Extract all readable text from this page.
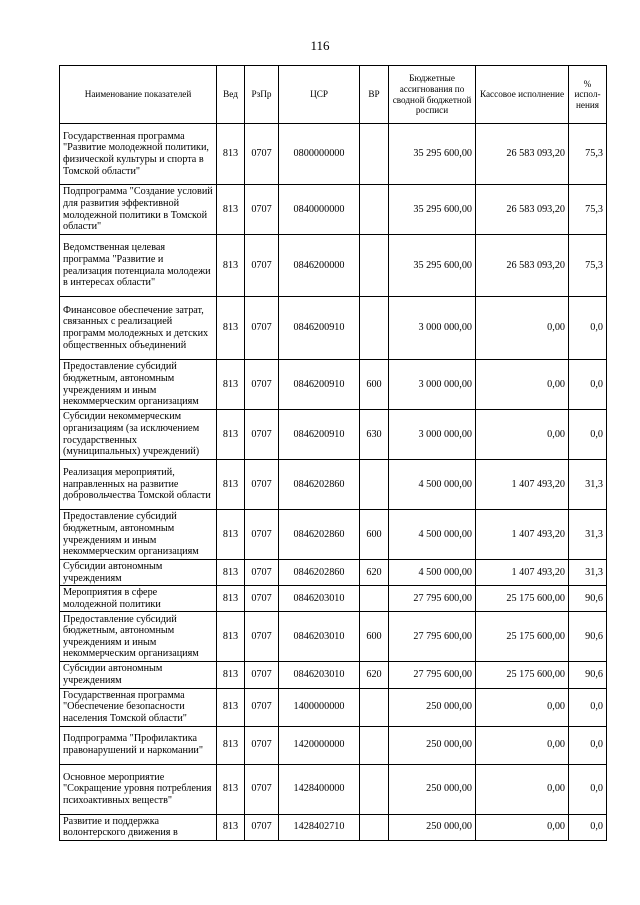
116
Наименование показателей	Вед	РзПр	ЦСР	ВР	Бюджетные ассигнования по сводной бюджетной росписи	Кассовое исполнение	% испол-нения
Государственная программа "Развитие молодежной политики, физической культуры и спорта в Томской области"	813	0707	0800000000		35 295 600,00	26 583 093,20	75,3
Подпрограмма "Создание условий для развития эффективной молодежной политики в Томской области"	813	0707	0840000000		35 295 600,00	26 583 093,20	75,3
Ведомственная целевая программа "Развитие и реализация потенциала молодежи в интересах области"	813	0707	0846200000		35 295 600,00	26 583 093,20	75,3
Финансовое обеспечение затрат, связанных с реализацией программ молодежных и детских общественных объединений	813	0707	0846200910		3 000 000,00	0,00	0,0
Предоставление субсидий бюджетным, автономным учреждениям и иным некоммерческим организациям	813	0707	0846200910	600	3 000 000,00	0,00	0,0
Субсидии некоммерческим организациям (за исключением государственных (муниципальных) учреждений)	813	0707	0846200910	630	3 000 000,00	0,00	0,0
Реализация мероприятий, направленных на развитие добровольчества Томской области	813	0707	0846202860		4 500 000,00	1 407 493,20	31,3
Предоставление субсидий бюджетным, автономным учреждениям и иным некоммерческим организациям	813	0707	0846202860	600	4 500 000,00	1 407 493,20	31,3
Субсидии автономным учреждениям	813	0707	0846202860	620	4 500 000,00	1 407 493,20	31,3
Мероприятия в сфере молодежной политики	813	0707	0846203010		27 795 600,00	25 175 600,00	90,6
Предоставление субсидий бюджетным, автономным учреждениям и иным некоммерческим организациям	813	0707	0846203010	600	27 795 600,00	25 175 600,00	90,6
Субсидии автономным учреждениям	813	0707	0846203010	620	27 795 600,00	25 175 600,00	90,6
Государственная программа "Обеспечение безопасности населения Томской области"	813	0707	1400000000		250 000,00	0,00	0,0
Подпрограмма "Профилактика правонарушений и наркомании"	813	0707	1420000000		250 000,00	0,00	0,0
Основное мероприятие "Сокращение уровня потребления психоактивных веществ"	813	0707	1428400000		250 000,00	0,00	0,0
Развитие и поддержка волонтерского движения в	813	0707	1428402710		250 000,00	0,00	0,0
